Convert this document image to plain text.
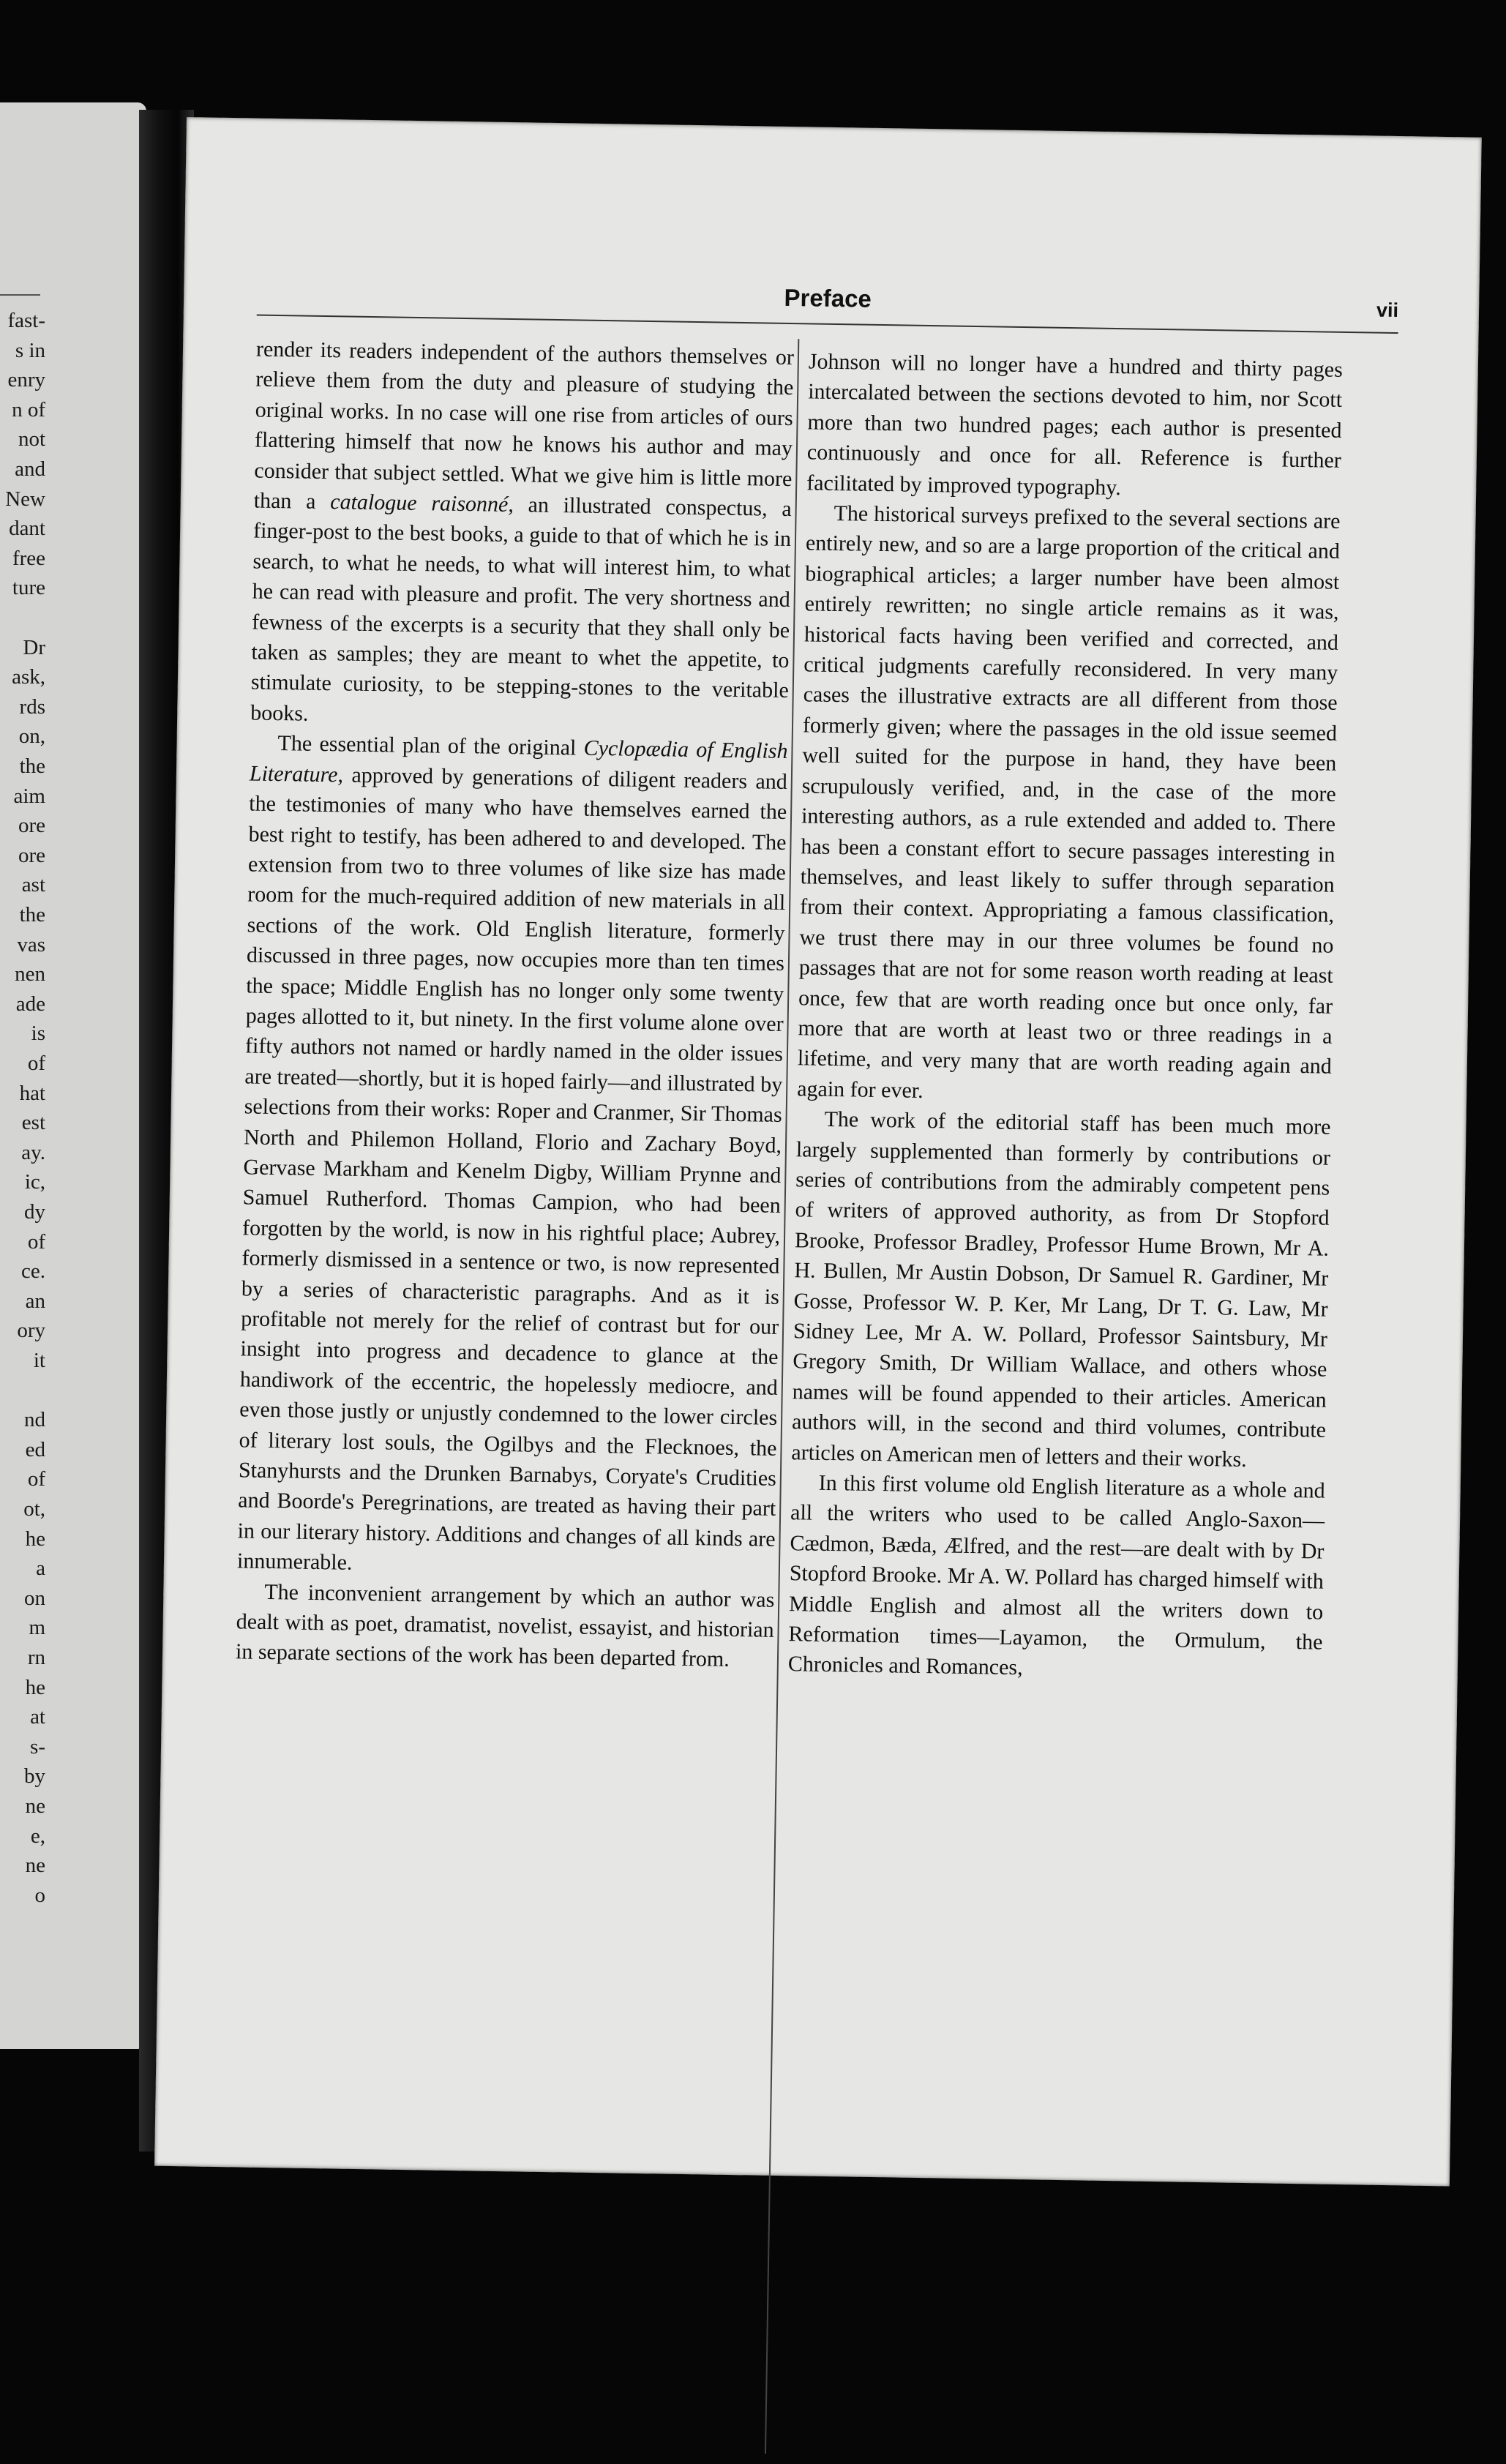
fast-
s in
enry
n of
not
and
New
dant
free
ture
Dr
ask,
rds
on,
the
aim
ore
ore
ast
the
vas
nen
ade
is
of
hat
est
ay.
ic,
dy
of
ce.
an
ory
it
nd
ed
of
ot,
he
a
on
m
rn
he
at
s-
by
ne
e,
ne
o
Preface	vii

render its readers independent of the authors themselves or relieve them from the duty and pleasure of studying the original works. In no case will one rise from articles of ours flattering himself that now he knows his author and may consider that subject settled. What we give him is little more than a catalogue raisonné, an illustrated conspectus, a finger-post to the best books, a guide to that of which he is in search, to what he needs, to what will interest him, to what he can read with pleasure and profit. The very shortness and fewness of the excerpts is a security that they shall only be taken as samples; they are meant to whet the appetite, to stimulate curiosity, to be stepping-stones to the veritable books.

The essential plan of the original Cyclopædia of English Literature, approved by generations of diligent readers and the testimonies of many who have themselves earned the best right to testify, has been adhered to and developed. The extension from two to three volumes of like size has made room for the much-required addition of new materials in all sections of the work. Old English literature, formerly discussed in three pages, now occupies more than ten times the space; Middle English has no longer only some twenty pages allotted to it, but ninety. In the first volume alone over fifty authors not named or hardly named in the older issues are treated—shortly, but it is hoped fairly—and illustrated by selections from their works: Roper and Cranmer, Sir Thomas North and Philemon Holland, Florio and Zachary Boyd, Gervase Markham and Kenelm Digby, William Prynne and Samuel Rutherford. Thomas Campion, who had been forgotten by the world, is now in his rightful place; Aubrey, formerly dismissed in a sentence or two, is now represented by a series of characteristic paragraphs. And as it is profitable not merely for the relief of contrast but for our insight into progress and decadence to glance at the handiwork of the eccentric, the hopelessly mediocre, and even those justly or unjustly condemned to the lower circles of literary lost souls, the Ogilbys and the Flecknoes, the Stanyhursts and the Drunken Barnabys, Coryate's Crudities and Boorde's Peregrinations, are treated as having their part in our literary history. Additions and changes of all kinds are innumerable.

The inconvenient arrangement by which an author was dealt with as poet, dramatist, novelist, essayist, and historian in separate sections of the work has been departed from.

Johnson will no longer have a hundred and thirty pages intercalated between the sections devoted to him, nor Scott more than two hundred pages; each author is presented continuously and once for all. Reference is further facilitated by improved typography.

The historical surveys prefixed to the several sections are entirely new, and so are a large proportion of the critical and biographical articles; a larger number have been almost entirely rewritten; no single article remains as it was, historical facts having been verified and corrected, and critical judgments carefully reconsidered. In very many cases the illustrative extracts are all different from those formerly given; where the passages in the old issue seemed well suited for the purpose in hand, they have been scrupulously verified, and, in the case of the more interesting authors, as a rule extended and added to. There has been a constant effort to secure passages interesting in themselves, and least likely to suffer through separation from their context. Appropriating a famous classification, we trust there may in our three volumes be found no passages that are not for some reason worth reading at least once, few that are worth reading once but once only, far more that are worth at least two or three readings in a lifetime, and very many that are worth reading again and again for ever.

The work of the editorial staff has been much more largely supplemented than formerly by contributions or series of contributions from the admirably competent pens of writers of approved authority, as from Dr Stopford Brooke, Professor Bradley, Professor Hume Brown, Mr A. H. Bullen, Mr Austin Dobson, Dr Samuel R. Gardiner, Mr Gosse, Professor W. P. Ker, Mr Lang, Dr T. G. Law, Mr Sidney Lee, Mr A. W. Pollard, Professor Saintsbury, Mr Gregory Smith, Dr William Wallace, and others whose names will be found appended to their articles. American authors will, in the second and third volumes, contribute articles on American men of letters and their works.

In this first volume old English literature as a whole and all the writers who used to be called Anglo-Saxon—Cædmon, Bæda, Ælfred, and the rest—are dealt with by Dr Stopford Brooke. Mr A. W. Pollard has charged himself with Middle English and almost all the writers down to Reformation times—Layamon, the Ormulum, the Chronicles and Romances,
